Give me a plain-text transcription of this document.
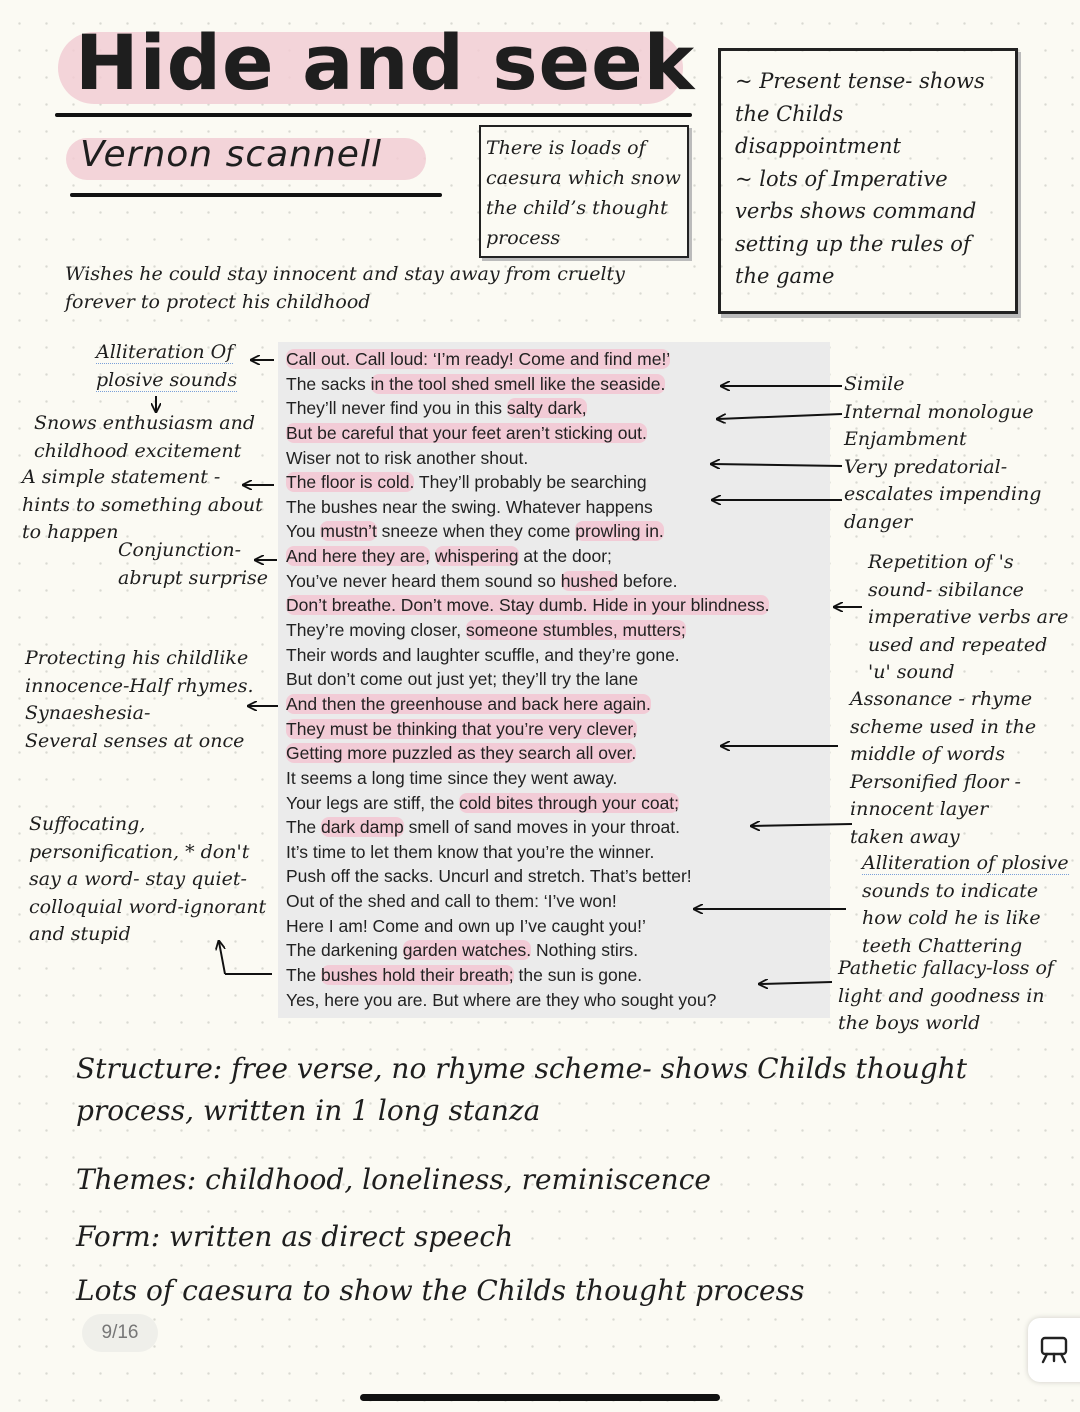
Hide and seek
Vernon scannell	There is loads of
caesura which snow
the child’s thought
process
~ Present tense- shows
the Childs
disappointment
~ lots of Imperative
verbs shows command
setting up the rules of
the game
Wishes he could stay innocent and stay away from cruelty
forever to protect his childhood
Call out. Call loud: ‘I’m ready! Come and find me!’
The sacks in the tool shed smell like the seaside.
They’ll never find you in this salty dark,
But be careful that your feet aren’t sticking out.
Wiser not to risk another shout.
The floor is cold. They’ll probably be searching
The bushes near the swing. Whatever happens
You mustn’t sneeze when they come prowling in.
And here they are, whispering at the door;
You’ve never heard them sound so hushed before.
Don’t breathe. Don’t move. Stay dumb. Hide in your blindness.
They’re moving closer, someone stumbles, mutters;
Their words and laughter scuffle, and they’re gone.
But don’t come out just yet; they’ll try the lane
And then the greenhouse and back here again.
They must be thinking that you’re very clever,
Getting more puzzled as they search all over.
It seems a long time since they went away.
Your legs are stiff, the cold bites through your coat;
The dark damp smell of sand moves in your throat.
It’s time to let them know that you’re the winner.
Push off the sacks. Uncurl and stretch. That’s better!
Out of the shed and call to them: ‘I’ve won!
Here I am! Come and own up I’ve caught you!’
The darkening garden watches. Nothing stirs.
The bushes hold their breath; the sun is gone.
Yes, here you are. But where are they who sought you?
Alliteration Of
plosive sounds
Snows enthusiasm and
childhood excitement
A simple statement -
hints to something about
to happen
Conjunction-
abrupt surprise
Protecting his childlike
innocence-Half rhymes.
Synaeshesia-
Several senses at once
Suffocating,
personification, * don't
say a word- stay quiet-
colloquial word-ignorant
and stupid
Simile
Internal monologue
Enjambment
Very predatorial-
escalates impending
danger
Repetition of 's
sound- sibilance
imperative verbs are
used and repeated
'u' sound
Assonance - rhyme
scheme used in the
middle of words
Personified floor -
innocent layer
taken away
Alliteration of plosive
sounds to indicate
how cold he is like
teeth Chattering
Pathetic fallacy-loss of
light and goodness in
the boys world
Structure: free verse, no rhyme scheme- shows Childs thought
process, written in 1 long stanza
Themes: childhood, loneliness, reminiscence
Form: written as direct speech
Lots of caesura to show the Childs thought process
9/16
